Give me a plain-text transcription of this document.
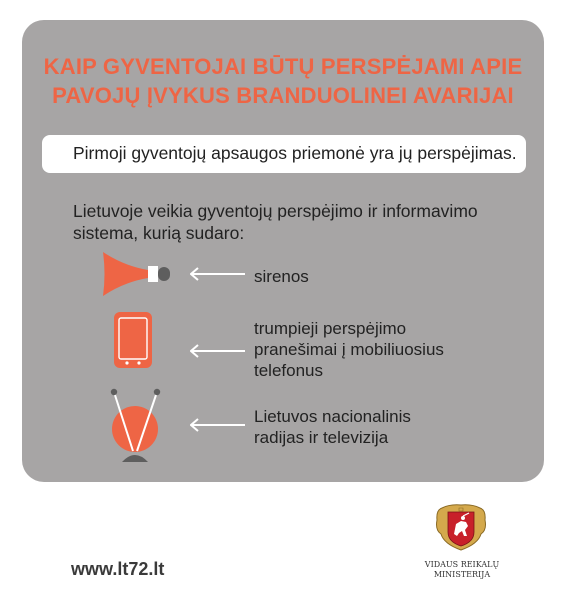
KAIP GYVENTOJAI BŪTŲ PERSPĖJAMI APIE
PAVOJŲ ĮVYKUS BRANDUOLINEI AVARIJAI
Pirmoji gyventojų apsaugos priemonė yra jų perspėjimas.
Lietuvoje veikia gyventojų perspėjimo ir informavimo
sistema, kurią sudaro:
sirenos
trumpieji perspėjimo
pranešimai į mobiliuosius
telefonus
Lietuvos nacionalinis
radijas ir televizija
www.lt72.lt	VIDAUS REIKALŲ
MINISTERIJA
